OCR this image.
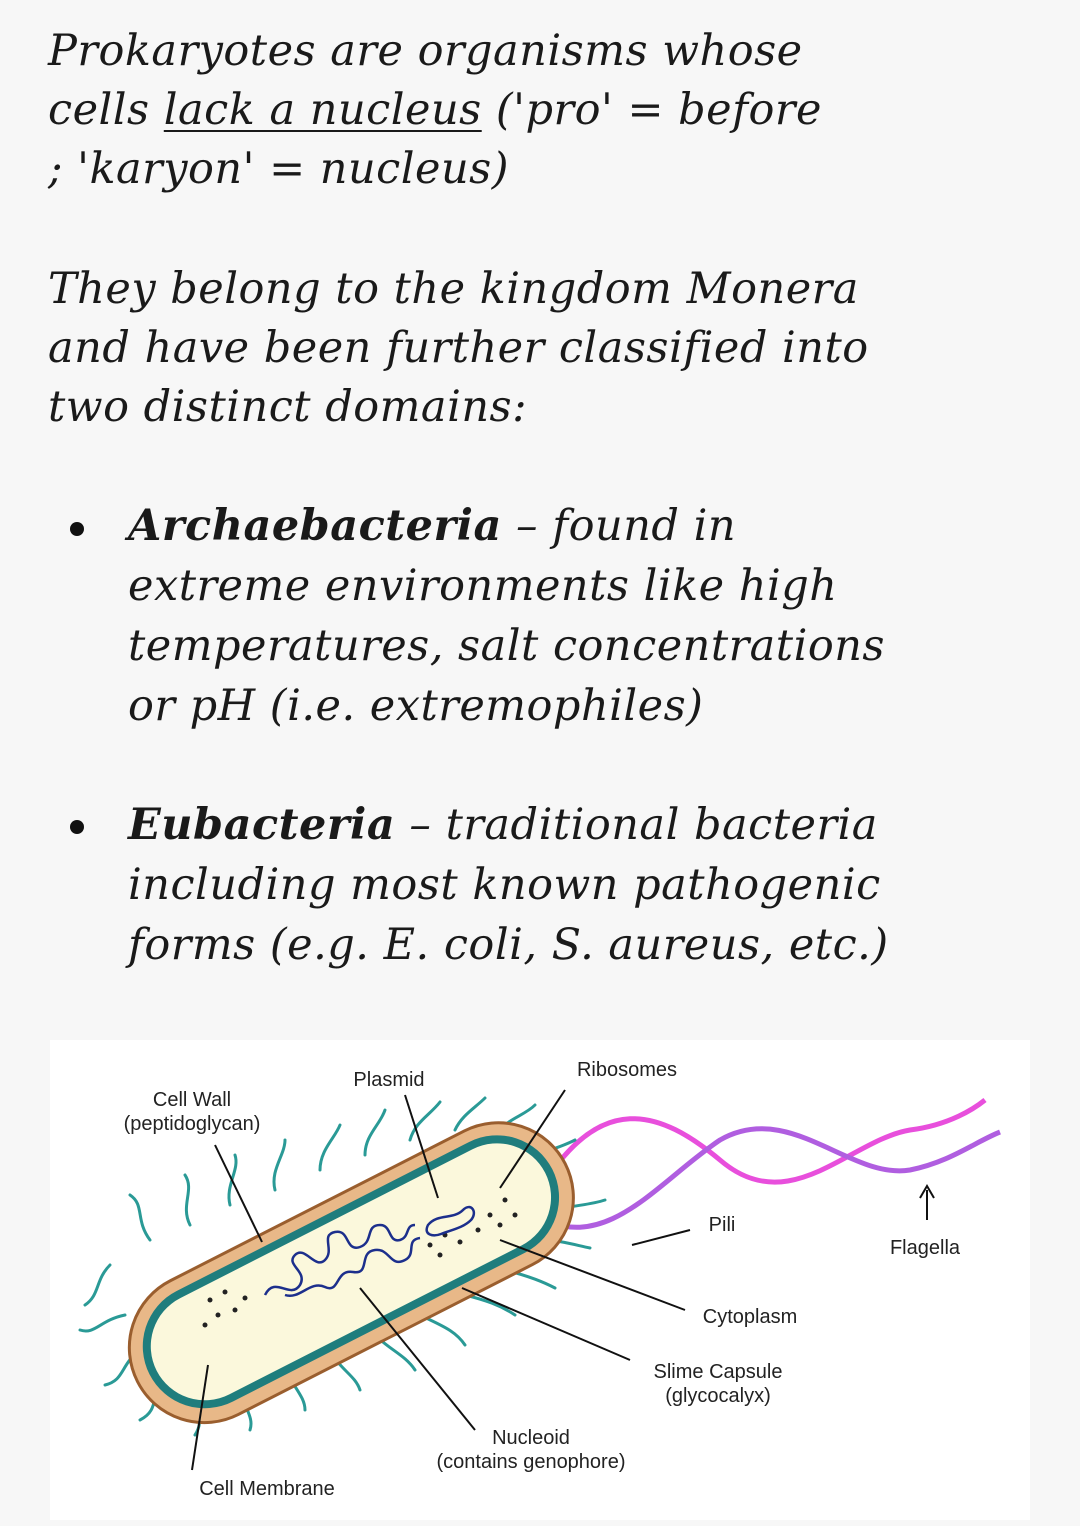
Prokaryotes are organisms whose
cells lack a nucleus ('pro' = before
; 'karyon' = nucleus)

They belong to the kingdom Monera
and have been further classified into
two distinct domains:

Archaebacteria – found in
extreme environments like high
temperatures, salt concentrations
or pH (i.e. extremophiles)

Eubacteria – traditional bacteria
including most known pathogenic
forms (e.g. E. coli, S. aureus, etc.)

Cell Wall
(peptidoglycan)
Plasmid	Ribosomes
Pili
Flagella
Cytoplasm
Slime Capsule
(glycocalyx)
Nucleoid
(contains genophore)
Cell Membrane
